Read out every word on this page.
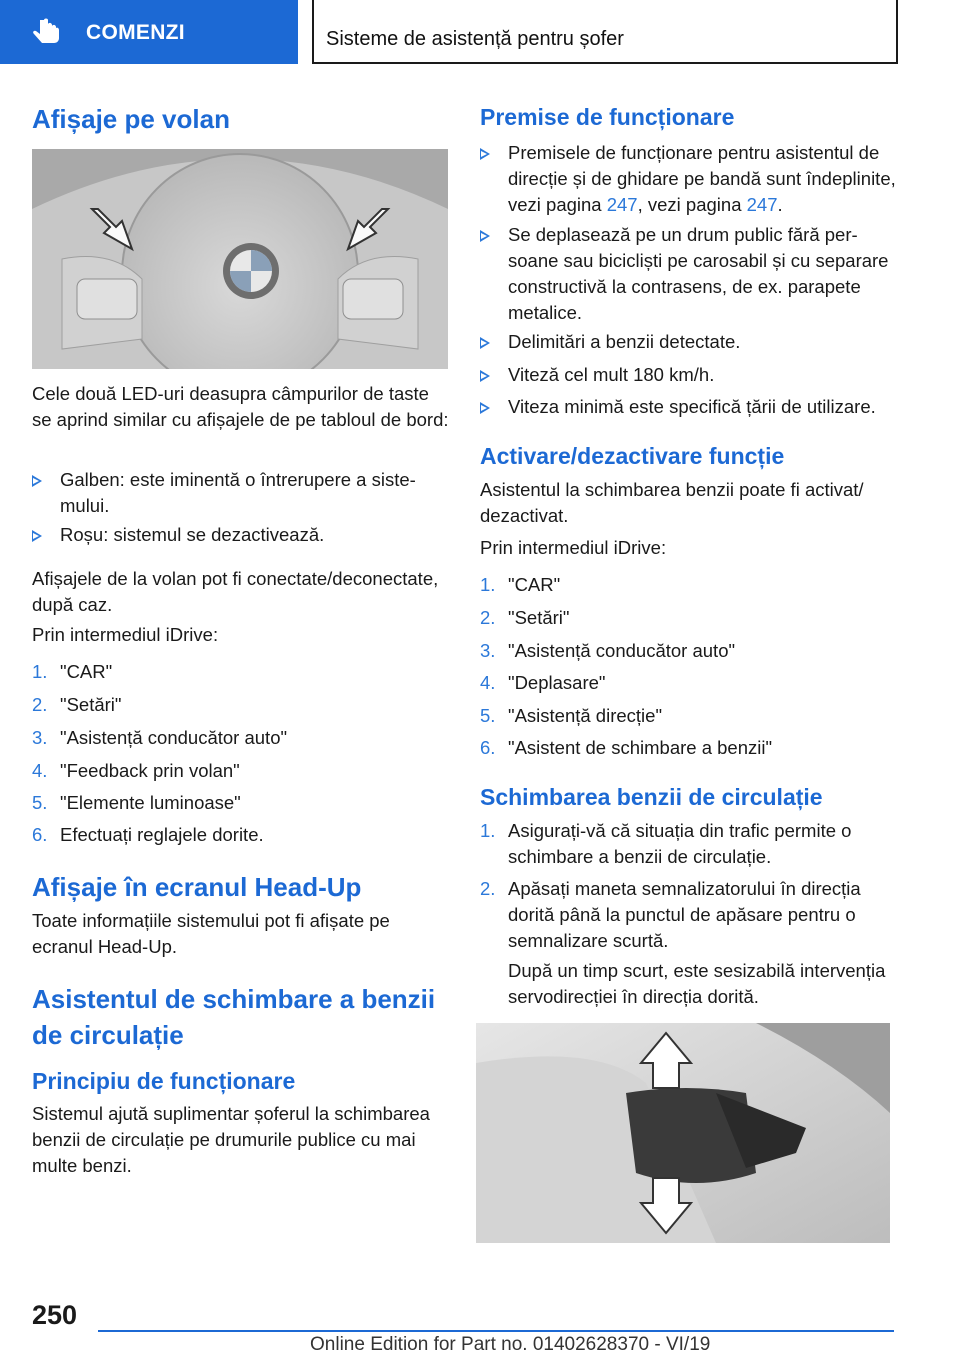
COMENZI	Sisteme de asistență pentru șofer
Afișaje pe volan
Cele două LED-uri deasupra câmpurilor de taste se aprind similar cu afișajele de pe tabloul de bord:
Galben: este iminentă o întrerupere a sistemului.
Roșu: sistemul se dezactivează.
Afișajele de la volan pot fi conectate/deconectate, după caz.
Prin intermediul iDrive:
1. "CAR"
2. "Setări"
3. "Asistență conducător auto"
4. "Feedback prin volan"
5. "Elemente luminoase"
6. Efectuați reglajele dorite.
Afișaje în ecranul Head-Up
Toate informațiile sistemului pot fi afișate pe ecranul Head-Up.
Asistentul de schimbare a benzii de circulație
Principiu de funcționare
Sistemul ajută suplimentar șoferul la schimbarea benzii de circulație pe drumurile publice cu mai multe benzi.
Premise de funcționare
Premisele de funcționare pentru asistentul de direcție și de ghidare pe bandă sunt îndeplinite, vezi pagina 247, vezi pagina 247.
Se deplasează pe un drum public fără persoane sau bicicliști pe carosabil și cu separare constructivă la contrasens, de ex. parapete metalice.
Delimitări a benzii detectate.
Viteză cel mult 180 km/h.
Viteza minimă este specifică țării de utilizare.
Activare/dezactivare funcție
Asistentul la schimbarea benzii poate fi activat/ dezactivat.
Prin intermediul iDrive:
1. "CAR"
2. "Setări"
3. "Asistență conducător auto"
4. "Deplasare"
5. "Asistență direcție"
6. "Asistent de schimbare a benzii"
Schimbarea benzii de circulație
1. Asigurați-vă că situația din trafic permite o schimbare a benzii de circulație.
2. Apăsați maneta semnalizatorului în direcția dorită până la punctul de apăsare pentru o semnalizare scurtă.
După un timp scurt, este sesizabilă intervenția servodirecției în direcția dorită.
250
Online Edition for Part no. 01402628370 - VI/19
